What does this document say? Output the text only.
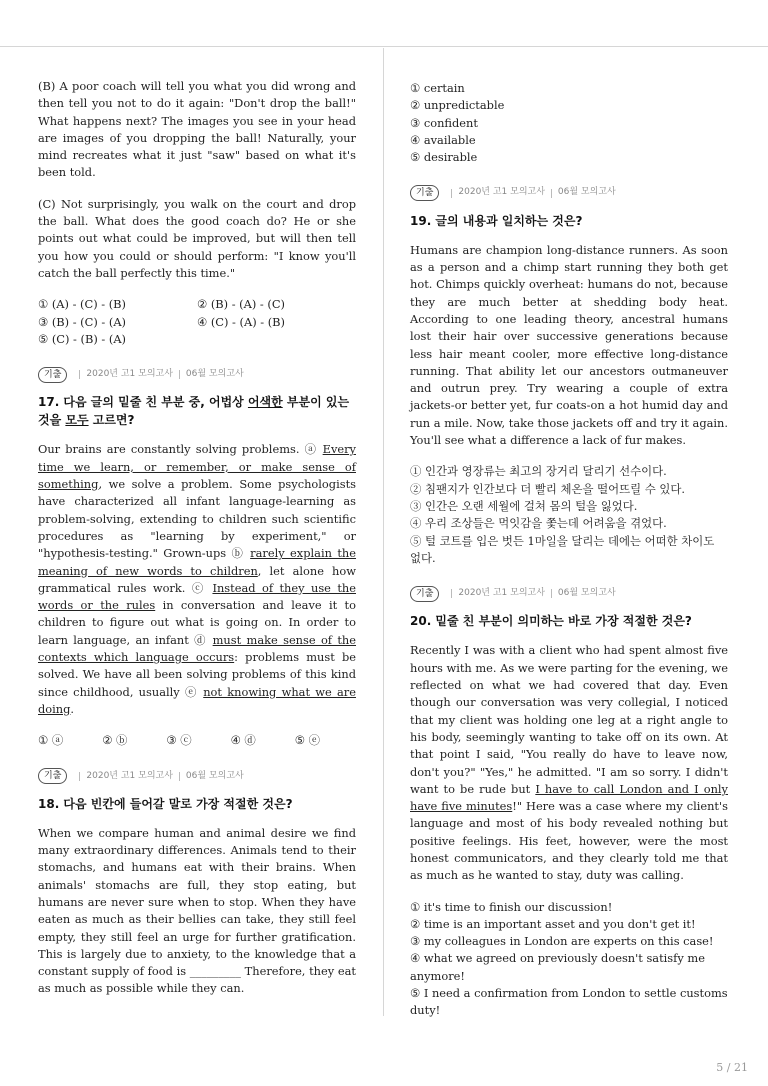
(B) A poor coach will tell you what you did wrong and then tell you not to do it again: "Don't drop the ball!" What happens next? The images you see in your head are images of you dropping the ball! Naturally, your mind recreates what it just "saw" based on what it's been told.

(C) Not surprisingly, you walk on the court and drop the ball. What does the good coach do? He or she points out what could be improved, but will then tell you how you could or should perform: "I know you'll catch the ball perfectly this time."

① (A) - (C) - (B)	② (B) - (A) - (C)
③ (B) - (C) - (A)	④ (C) - (A) - (B)
⑤ (C) - (B) - (A)
기출	2020년 고1 모의고사 06월 모의고사
17. 다음 글의 밑줄 친 부분 중, 어법상 어색한 부분이 있는 것을 모두 고르면?

Our brains are constantly solving problems. ⓐ Every time we learn, or remember, or make sense of something, we solve a problem. Some psychologists have characterized all infant language-learning as problem-solving, extending to children such scientific procedures as "learning by experiment," or "hypothesis-testing." Grown-ups ⓑ rarely explain the meaning of new words to children, let alone how grammatical rules work. ⓒ Instead of they use the words or the rules in conversation and leave it to children to figure out what is going on. In order to learn language, an infant ⓓ must make sense of the contexts which language occurs: problems must be solved. We have all been solving problems of this kind since childhood, usually ⓔ not knowing what we are doing.

① ⓐ	② ⓑ	③ ⓒ	④ ⓓ	⑤ ⓔ
기출	2020년 고1 모의고사 06월 모의고사
18. 다음 빈칸에 들어갈 말로 가장 적절한 것은?

When we compare human and animal desire we find many extraordinary differences. Animals tend to their stomachs, and humans eat with their brains. When animals' stomachs are full, they stop eating, but humans are never sure when to stop. When they have eaten as much as their bellies can take, they still feel empty, they still feel an urge for further gratification. This is largely due to anxiety, to the knowledge that a constant supply of food is _________ Therefore, they eat as much as possible while they can.

① certain
② unpredictable
③ confident
④ available
⑤ desirable
기출	2020년 고1 모의고사 06월 모의고사
19. 글의 내용과 일치하는 것은?

Humans are champion long-distance runners. As soon as a person and a chimp start running they both get hot. Chimps quickly overheat: humans do not, because they are much better at shedding body heat. According to one leading theory, ancestral humans lost their hair over successive generations because less hair meant cooler, more effective long-distance running. That ability let our ancestors outmaneuver and outrun prey. Try wearing a couple of extra jackets-or better yet, fur coats-on a hot humid day and run a mile. Now, take those jackets off and try it again. You'll see what a difference a lack of fur makes.

① 인간과 영장류는 최고의 장거리 달리기 선수이다.
② 침팬지가 인간보다 더 빨리 체온을 떨어뜨릴 수 있다.
③ 인간은 오랜 세월에 걸쳐 몸의 털을 잃었다.
④ 우리 조상들은 먹잇감을 쫓는데 어려움을 겪었다.
⑤ 털 코트를 입은 벗든 1마일을 달리는 데에는 어떠한 차이도 없다.
기출	2020년 고1 모의고사 06월 모의고사
20. 밑줄 친 부분이 의미하는 바로 가장 적절한 것은?

Recently I was with a client who had spent almost five hours with me. As we were parting for the evening, we reflected on what we had covered that day. Even though our conversation was very collegial, I noticed that my client was holding one leg at a right angle to his body, seemingly wanting to take off on its own. At that point I said, "You really do have to leave now, don't you?" "Yes," he admitted. "I am so sorry. I didn't want to be rude but I have to call London and I only have five minutes!" Here was a case where my client's language and most of his body revealed nothing but positive feelings. His feet, however, were the most honest communicators, and they clearly told me that as much as he wanted to stay, duty was calling.

① it's time to finish our discussion!
② time is an important asset and you don't get it!
③ my colleagues in London are experts on this case!
④ what we agreed on previously doesn't satisfy me anymore!
⑤ I need a confirmation from London to settle customs duty!
5 / 21
